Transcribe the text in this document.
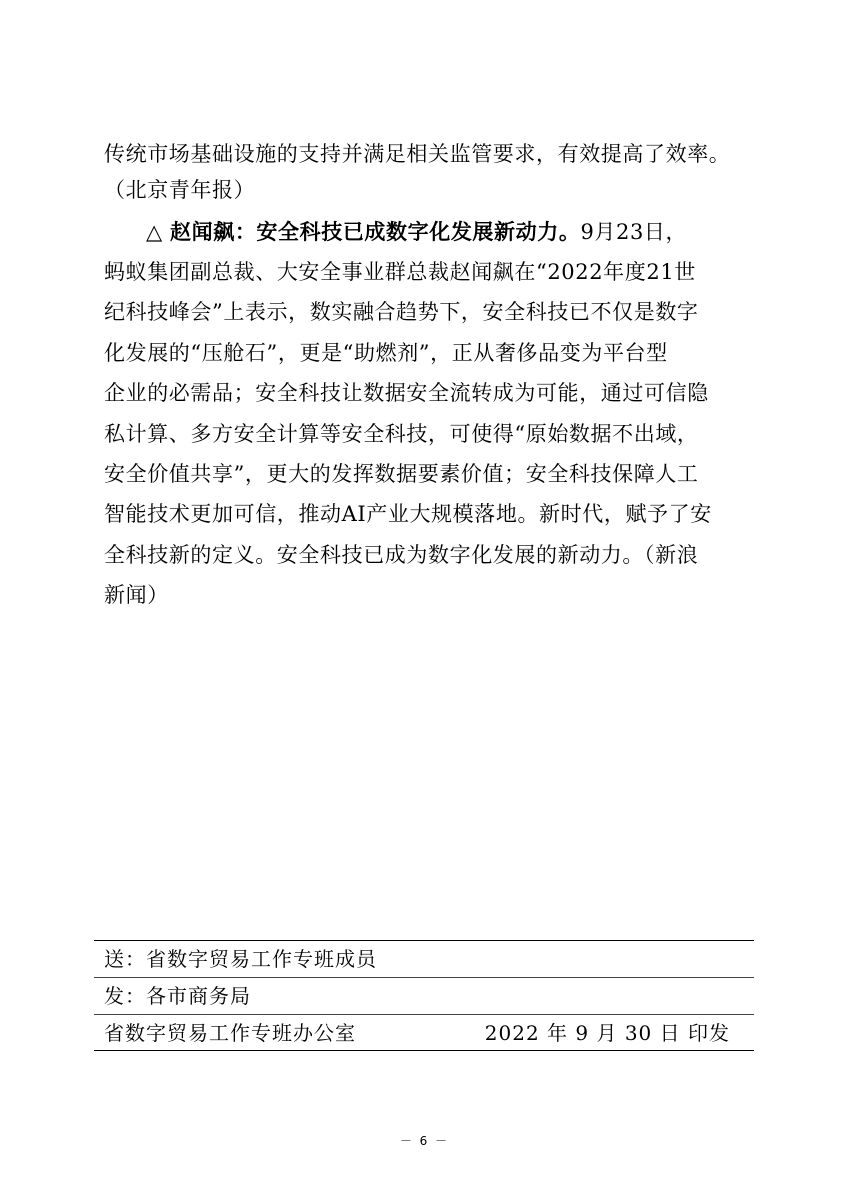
传统市场基础设施的支持并满足相关监管要求，有效提高了效率。
（北京青年报）
△ 赵闻飙：安全科技已成数字化发展新动力。9月23日，
蚂蚁集团副总裁、大安全事业群总裁赵闻飙在“2022年度21世
纪科技峰会”上表示，数实融合趋势下，安全科技已不仅是数字
化发展的“压舱石”，更是“助燃剂”，正从奢侈品变为平台型
企业的必需品；安全科技让数据安全流转成为可能，通过可信隐
私计算、多方安全计算等安全科技，可使得“原始数据不出域，
安全价值共享”，更大的发挥数据要素价值；安全科技保障人工
智能技术更加可信，推动AI产业大规模落地。新时代，赋予了安
全科技新的定义。安全科技已成为数字化发展的新动力。（新浪
新闻）
送：省数字贸易工作专班成员
发：各市商务局
省数字贸易工作专班办公室	2022 年 9 月 30 日 印发
－ 6 －
